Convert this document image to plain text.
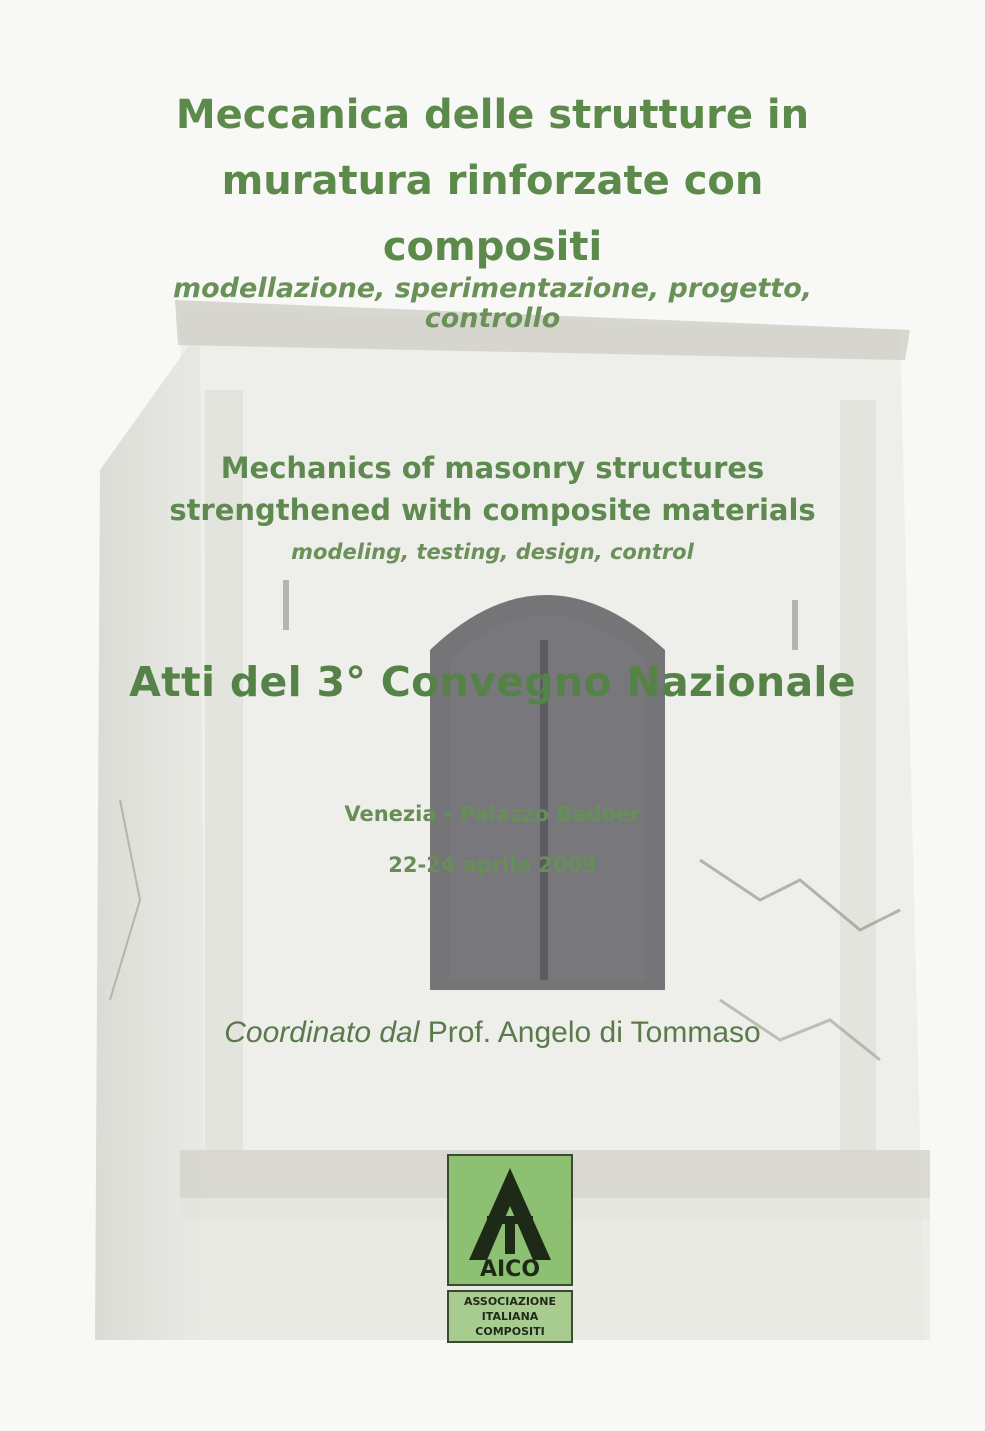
Meccanica delle strutture in
muratura rinforzate con
compositi
modellazione, sperimentazione, progetto,
controllo
Mechanics of masonry structures
strengthened with composite materials
modeling, testing, design, control
Atti del 3° Convegno Nazionale
Venezia - Palazzo Badoer
22-24 aprile 2009
Coordinato dal Prof. Angelo di Tommaso
AICO
ASSOCIAZIONE
ITALIANA
COMPOSITI
